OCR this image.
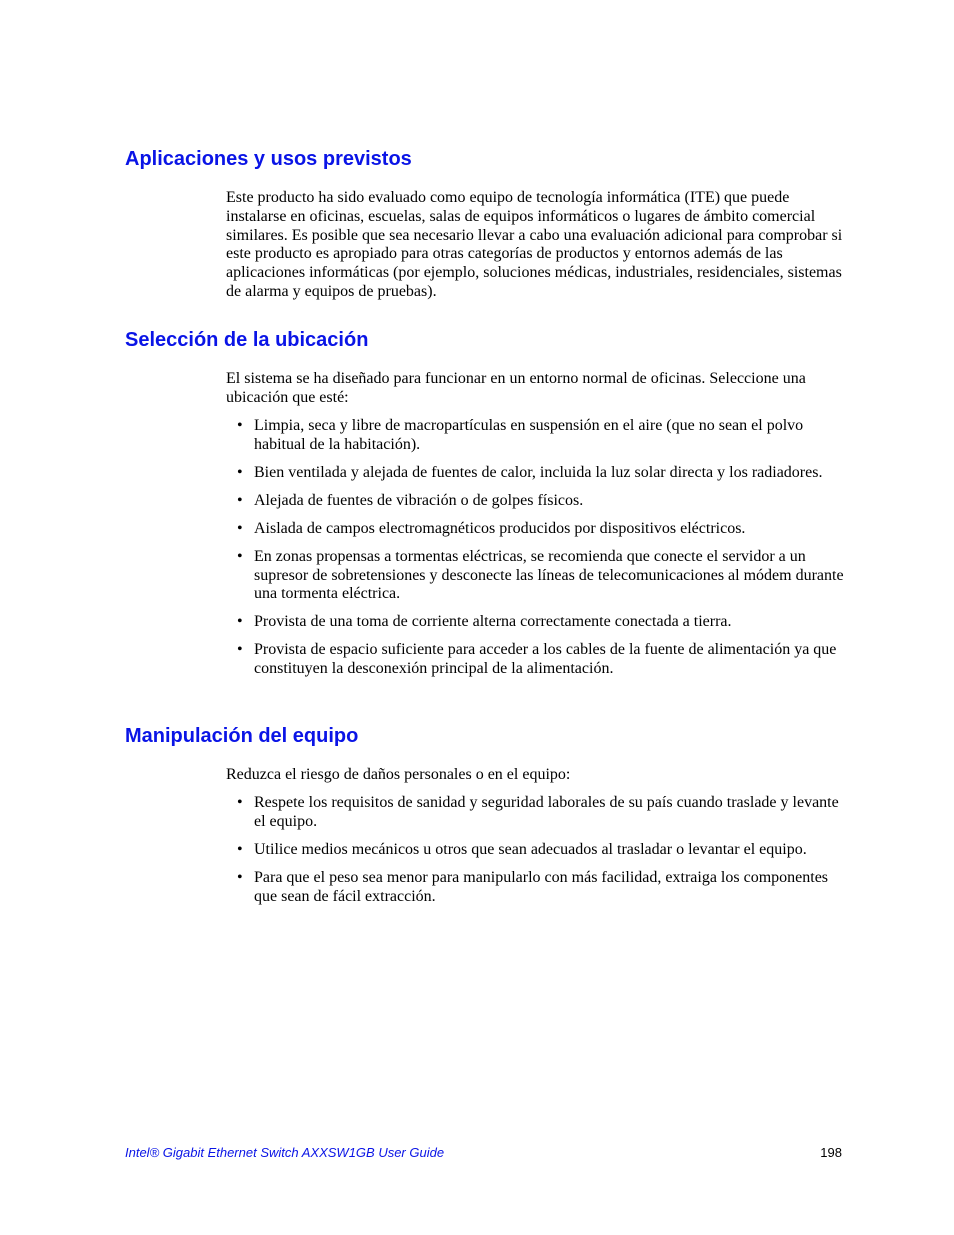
Aplicaciones y usos previstos

Este producto ha sido evaluado como equipo de tecnología informática (ITE) que puede instalarse en oficinas, escuelas, salas de equipos informáticos o lugares de ámbito comercial similares. Es posible que sea necesario llevar a cabo una evaluación adicional para comprobar si este producto es apropiado para otras categorías de productos y entornos además de las aplicaciones informáticas (por ejemplo, soluciones médicas, industriales, residenciales, sistemas de alarma y equipos de pruebas).

Selección de la ubicación

El sistema se ha diseñado para funcionar en un entorno normal de oficinas. Seleccione una ubicación que esté:

• Limpia, seca y libre de macropartículas en suspensión en el aire (que no sean el polvo habitual de la habitación).
• Bien ventilada y alejada de fuentes de calor, incluida la luz solar directa y los radiadores.
• Alejada de fuentes de vibración o de golpes físicos.
• Aislada de campos electromagnéticos producidos por dispositivos eléctricos.
• En zonas propensas a tormentas eléctricas, se recomienda que conecte el servidor a un supresor de sobretensiones y desconecte las líneas de telecomunicaciones al módem durante una tormenta eléctrica.
• Provista de una toma de corriente alterna correctamente conectada a tierra.
• Provista de espacio suficiente para acceder a los cables de la fuente de alimentación ya que constituyen la desconexión principal de la alimentación.
Manipulación del equipo

Reduzca el riesgo de daños personales o en el equipo:

• Respete los requisitos de sanidad y seguridad laborales de su país cuando traslade y levante el equipo.
• Utilice medios mecánicos u otros que sean adecuados al trasladar o levantar el equipo.
• Para que el peso sea menor para manipularlo con más facilidad, extraiga los componentes que sean de fácil extracción.
Intel® Gigabit Ethernet Switch AXXSW1GB User Guide	198
